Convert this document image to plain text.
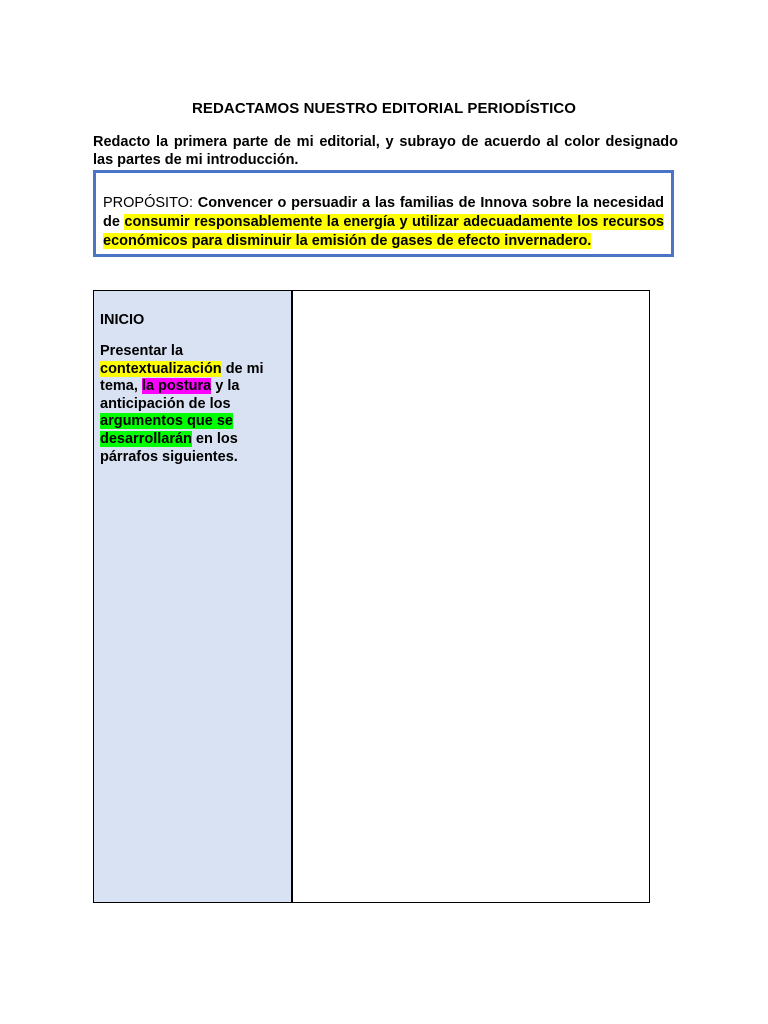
REDACTAMOS NUESTRO EDITORIAL PERIODÍSTICO
Redacto la primera parte de mi editorial, y subrayo de acuerdo al color designado las partes de mi introducción.
PROPÓSITO: Convencer o persuadir a las familias de Innova sobre la necesidad de consumir responsablemente la energía y utilizar adecuadamente los recursos económicos para disminuir la emisión de gases de efecto invernadero.
INICIO
Presentar la contextualización de mi tema, la postura y la anticipación de los argumentos que se desarrollarán en los párrafos siguientes.
